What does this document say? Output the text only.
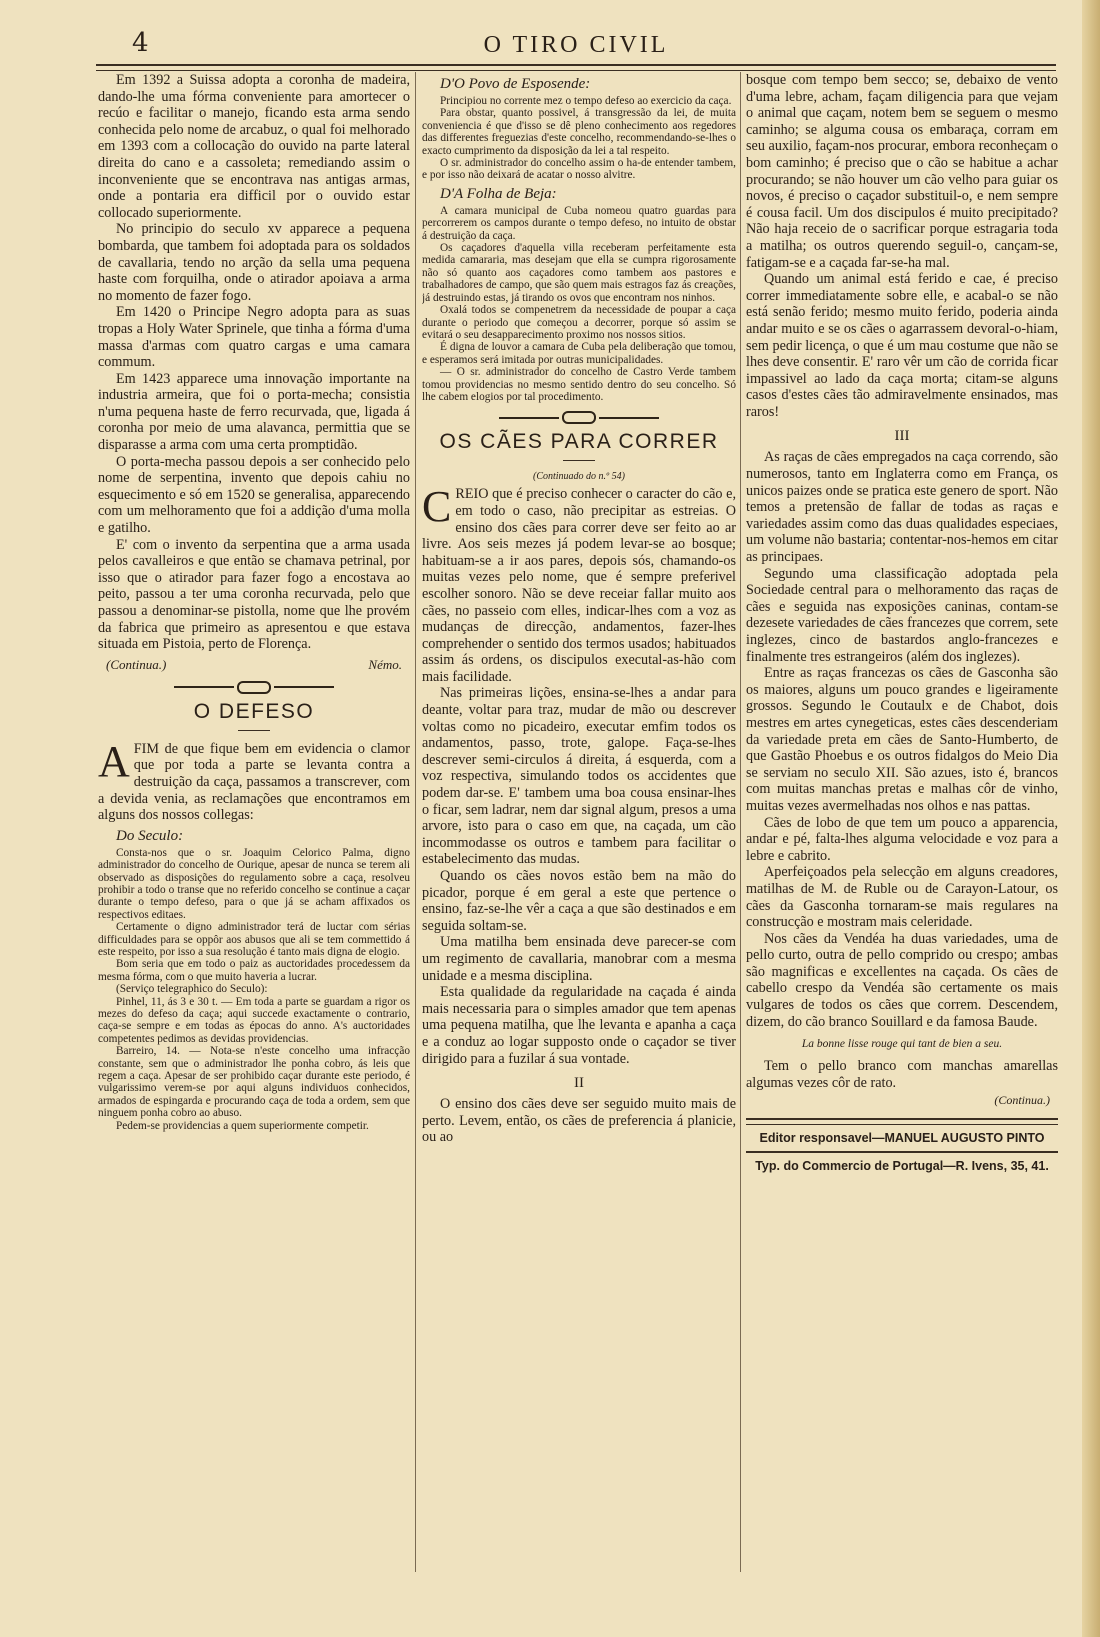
4	O TIRO CIVIL

Em 1392 a Suissa adopta a coronha de madeira, dando-lhe uma fórma conveniente para amortecer o recúo e facilitar o manejo, ficando esta arma sendo conhecida pelo nome de arcabuz, o qual foi melhorado em 1393 com a collocação do ouvido na parte lateral direita do cano e a cassoleta; remediando assim o inconveniente que se encontrava nas antigas armas, onde a pontaria era difficil por o ouvido estar collocado superiormente.

No principio do seculo xv apparece a pequena bombarda, que tambem foi adoptada para os soldados de cavallaria, tendo no arção da sella uma pequena haste com forquilha, onde o atirador apoiava a arma no momento de fazer fogo.

Em 1420 o Principe Negro adopta para as suas tropas a Holy Water Sprinele, que tinha a fórma d'uma massa d'armas com quatro cargas e uma camara commum.

Em 1423 apparece uma innovação importante na industria armeira, que foi o porta-mecha; consistia n'uma pequena haste de ferro recurvada, que, ligada á coronha por meio de uma alavanca, permittia que se disparasse a arma com uma certa promptidão.

O porta-mecha passou depois a ser conhecido pelo nome de serpentina, invento que depois cahiu no esquecimento e só em 1520 se generalisa, apparecendo com um melhoramento que foi a addição d'uma molla e gatilho.

E' com o invento da serpentina que a arma usada pelos cavalleiros e que então se chamava petrinal, por isso que o atirador para fazer fogo a encostava ao peito, passou a ter uma coronha recurvada, pelo que passou a denominar-se pistolla, nome que lhe provém da fabrica que primeiro as apresentou e que estava situada em Pistoia, perto de Florença.

(Continua.)	Némo.
O DEFESO

AFIM de que fique bem em evidencia o clamor que por toda a parte se levanta contra a destruição da caça, passamos a transcrever, com a devida venia, as reclamações que encontramos em alguns dos nossos collegas:

Do Seculo:

Consta-nos que o sr. Joaquim Celorico Palma, digno administrador do concelho de Ourique, apesar de nunca se terem ali observado as disposições do regulamento sobre a caça, resolveu prohibir a todo o transe que no referido concelho se continue a caçar durante o tempo defeso, para o que já se acham affixados os respectivos editaes.

Certamente o digno administrador terá de luctar com sérias difficuldades para se oppôr aos abusos que ali se tem commettido á este respeito, por isso a sua resolução é tanto mais digna de elogio.

Bom seria que em todo o paiz as auctoridades procedessem da mesma fórma, com o que muito haveria a lucrar.

(Serviço telegraphico do Seculo):

Pinhel, 11, ás 3 e 30 t. — Em toda a parte se guardam a rigor os mezes do defeso da caça; aqui succede exactamente o contrario, caça-se sempre e em todas as épocas do anno. A's auctoridades competentes pedimos as devidas providencias.

Barreiro, 14. — Nota-se n'este concelho uma infracção constante, sem que o administrador lhe ponha cobro, ás leis que regem a caça. Apesar de ser prohibido caçar durante este periodo, é vulgarissimo verem-se por aqui alguns individuos conhecidos, armados de espingarda e procurando caça de toda a ordem, sem que ninguem ponha cobro ao abuso.

Pedem-se providencias a quem superiormente competir.

D'O Povo de Esposende:

Principiou no corrente mez o tempo defeso ao exercicio da caça.

Para obstar, quanto possivel, á transgressão da lei, de muita conveniencia é que d'isso se dê pleno conhecimento aos regedores das differentes freguezias d'este concelho, recommendando-se-lhes o exacto cumprimento da disposição da lei a tal respeito.

O sr. administrador do concelho assim o ha-de entender tambem, e por isso não deixará de acatar o nosso alvitre.

D'A Folha de Beja:

A camara municipal de Cuba nomeou quatro guardas para percorrerem os campos durante o tempo defeso, no intuito de obstar á destruição da caça.

Os caçadores d'aquella villa receberam perfeitamente esta medida camararia, mas desejam que ella se cumpra rigorosamente não só quanto aos caçadores como tambem aos pastores e trabalhadores de campo, que são quem mais estragos faz ás creações, já destruindo estas, já tirando os ovos que encontram nos ninhos.

Oxalá todos se compenetrem da necessidade de poupar a caça durante o periodo que começou a decorrer, porque só assim se evitará o seu desapparecimento proximo nos nossos sitios.

É digna de louvor a camara de Cuba pela deliberação que tomou, e esperamos será imitada por outras municipalidades.

— O sr. administrador do concelho de Castro Verde tambem tomou providencias no mesmo sentido dentro do seu concelho. Só lhe cabem elogios por tal procedimento.

OS CÃES PARA CORRER
(Continuado do n.º 54)

CREIO que é preciso conhecer o caracter do cão e, em todo o caso, não precipitar as estreias. O ensino dos cães para correr deve ser feito ao ar livre. Aos seis mezes já podem levar-se ao bosque; habituam-se a ir aos pares, depois sós, chamando-os muitas vezes pelo nome, que é sempre preferivel escolher sonoro. Não se deve receiar fallar muito aos cães, no passeio com elles, indicar-lhes com a voz as mudanças de direcção, andamentos, fazer-lhes comprehender o sentido dos termos usados; habituados assim ás ordens, os discipulos executal-as-hão com mais facilidade.

Nas primeiras lições, ensina-se-lhes a andar para deante, voltar para traz, mudar de mão ou descrever voltas como no picadeiro, executar emfim todos os andamentos, passo, trote, galope. Faça-se-lhes descrever semi-circulos á direita, á esquerda, com a voz respectiva, simulando todos os accidentes que podem dar-se. E' tambem uma boa cousa ensinar-lhes o ficar, sem ladrar, nem dar signal algum, presos a uma arvore, isto para o caso em que, na caçada, um cão incommodasse os outros e tambem para facilitar o estabelecimento das mudas.

Quando os cães novos estão bem na mão do picador, porque é em geral a este que pertence o ensino, faz-se-lhe vêr a caça a que são destinados e em seguida soltam-se.

Uma matilha bem ensinada deve parecer-se com um regimento de cavallaria, manobrar com a mesma unidade e a mesma disciplina.

Esta qualidade da regularidade na caçada é ainda mais necessaria para o simples amador que tem apenas uma pequena matilha, que lhe levanta e apanha a caça e a conduz ao logar supposto onde o caçador se tiver dirigido para a fuzilar á sua vontade.

II

O ensino dos cães deve ser seguido muito mais de perto. Levem, então, os cães de preferencia á planicie, ou ao

bosque com tempo bem secco; se, debaixo de vento d'uma lebre, acham, façam diligencia para que vejam o animal que caçam, notem bem se seguem o mesmo caminho; se alguma cousa os embaraça, corram em seu auxilio, façam-nos procurar, embora reconheçam o bom caminho; é preciso que o cão se habitue a achar procurando; se não houver um cão velho para guiar os novos, é preciso o caçador substituil-o, e nem sempre é cousa facil. Um dos discipulos é muito precipitado? Não haja receio de o sacrificar porque estragaria toda a matilha; os outros querendo seguil-o, cançam-se, fatigam-se e a caçada far-se-ha mal.

Quando um animal está ferido e cae, é preciso correr immediatamente sobre elle, e acabal-o se não está senão ferido; mesmo muito ferido, poderia ainda andar muito e se os cães o agarrassem devoral-o-hiam, sem pedir licença, o que é um mau costume que não se lhes deve consentir. E' raro vêr um cão de corrida ficar impassivel ao lado da caça morta; citam-se alguns casos d'estes cães tão admiravelmente ensinados, mas raros!

III

As raças de cães empregados na caça correndo, são numerosos, tanto em Inglaterra como em França, os unicos paizes onde se pratica este genero de sport. Não temos a pretensão de fallar de todas as raças e variedades assim como das duas qualidades especiaes, um volume não bastaria; contentar-nos-hemos em citar as principaes.

Segundo uma classificação adoptada pela Sociedade central para o melhoramento das raças de cães e seguida nas exposições caninas, contam-se dezesete variedades de cães francezes que correm, sete inglezes, cinco de bastardos anglo-francezes e finalmente tres estrangeiros (além dos inglezes).

Entre as raças francezas os cães de Gasconha são os maiores, alguns um pouco grandes e ligeiramente grossos. Segundo le Coutaulx e de Chabot, dois mestres em artes cynegeticas, estes cães descenderiam da variedade preta em cães de Santo-Humberto, de que Gastão Phoebus e os outros fidalgos do Meio Dia se serviam no seculo XII. São azues, isto é, brancos com muitas manchas pretas e malhas côr de vinho, muitas vezes avermelhadas nos olhos e nas pattas.

Cães de lobo de que tem um pouco a apparencia, andar e pé, falta-lhes alguma velocidade e voz para a lebre e cabrito.

Aperfeiçoados pela selecção em alguns creadores, matilhas de M. de Ruble ou de Carayon-Latour, os cães da Gasconha tornaram-se mais regulares na construcção e mostram mais celeridade.

Nos cães da Vendéa ha duas variedades, uma de pello curto, outra de pello comprido ou crespo; ambas são magnificas e excellentes na caçada. Os cães de cabello crespo da Vendéa são certamente os mais vulgares de todos os cães que correm. Descendem, dizem, do cão branco Souillard e da famosa Baude.

La bonne lisse rouge qui tant de bien a seu.

Tem o pello branco com manchas amarellas algumas vezes côr de rato.

(Continua.)
Editor responsavel—MANUEL AUGUSTO PINTO
Typ. do Commercio de Portugal—R. Ivens, 35, 41.
